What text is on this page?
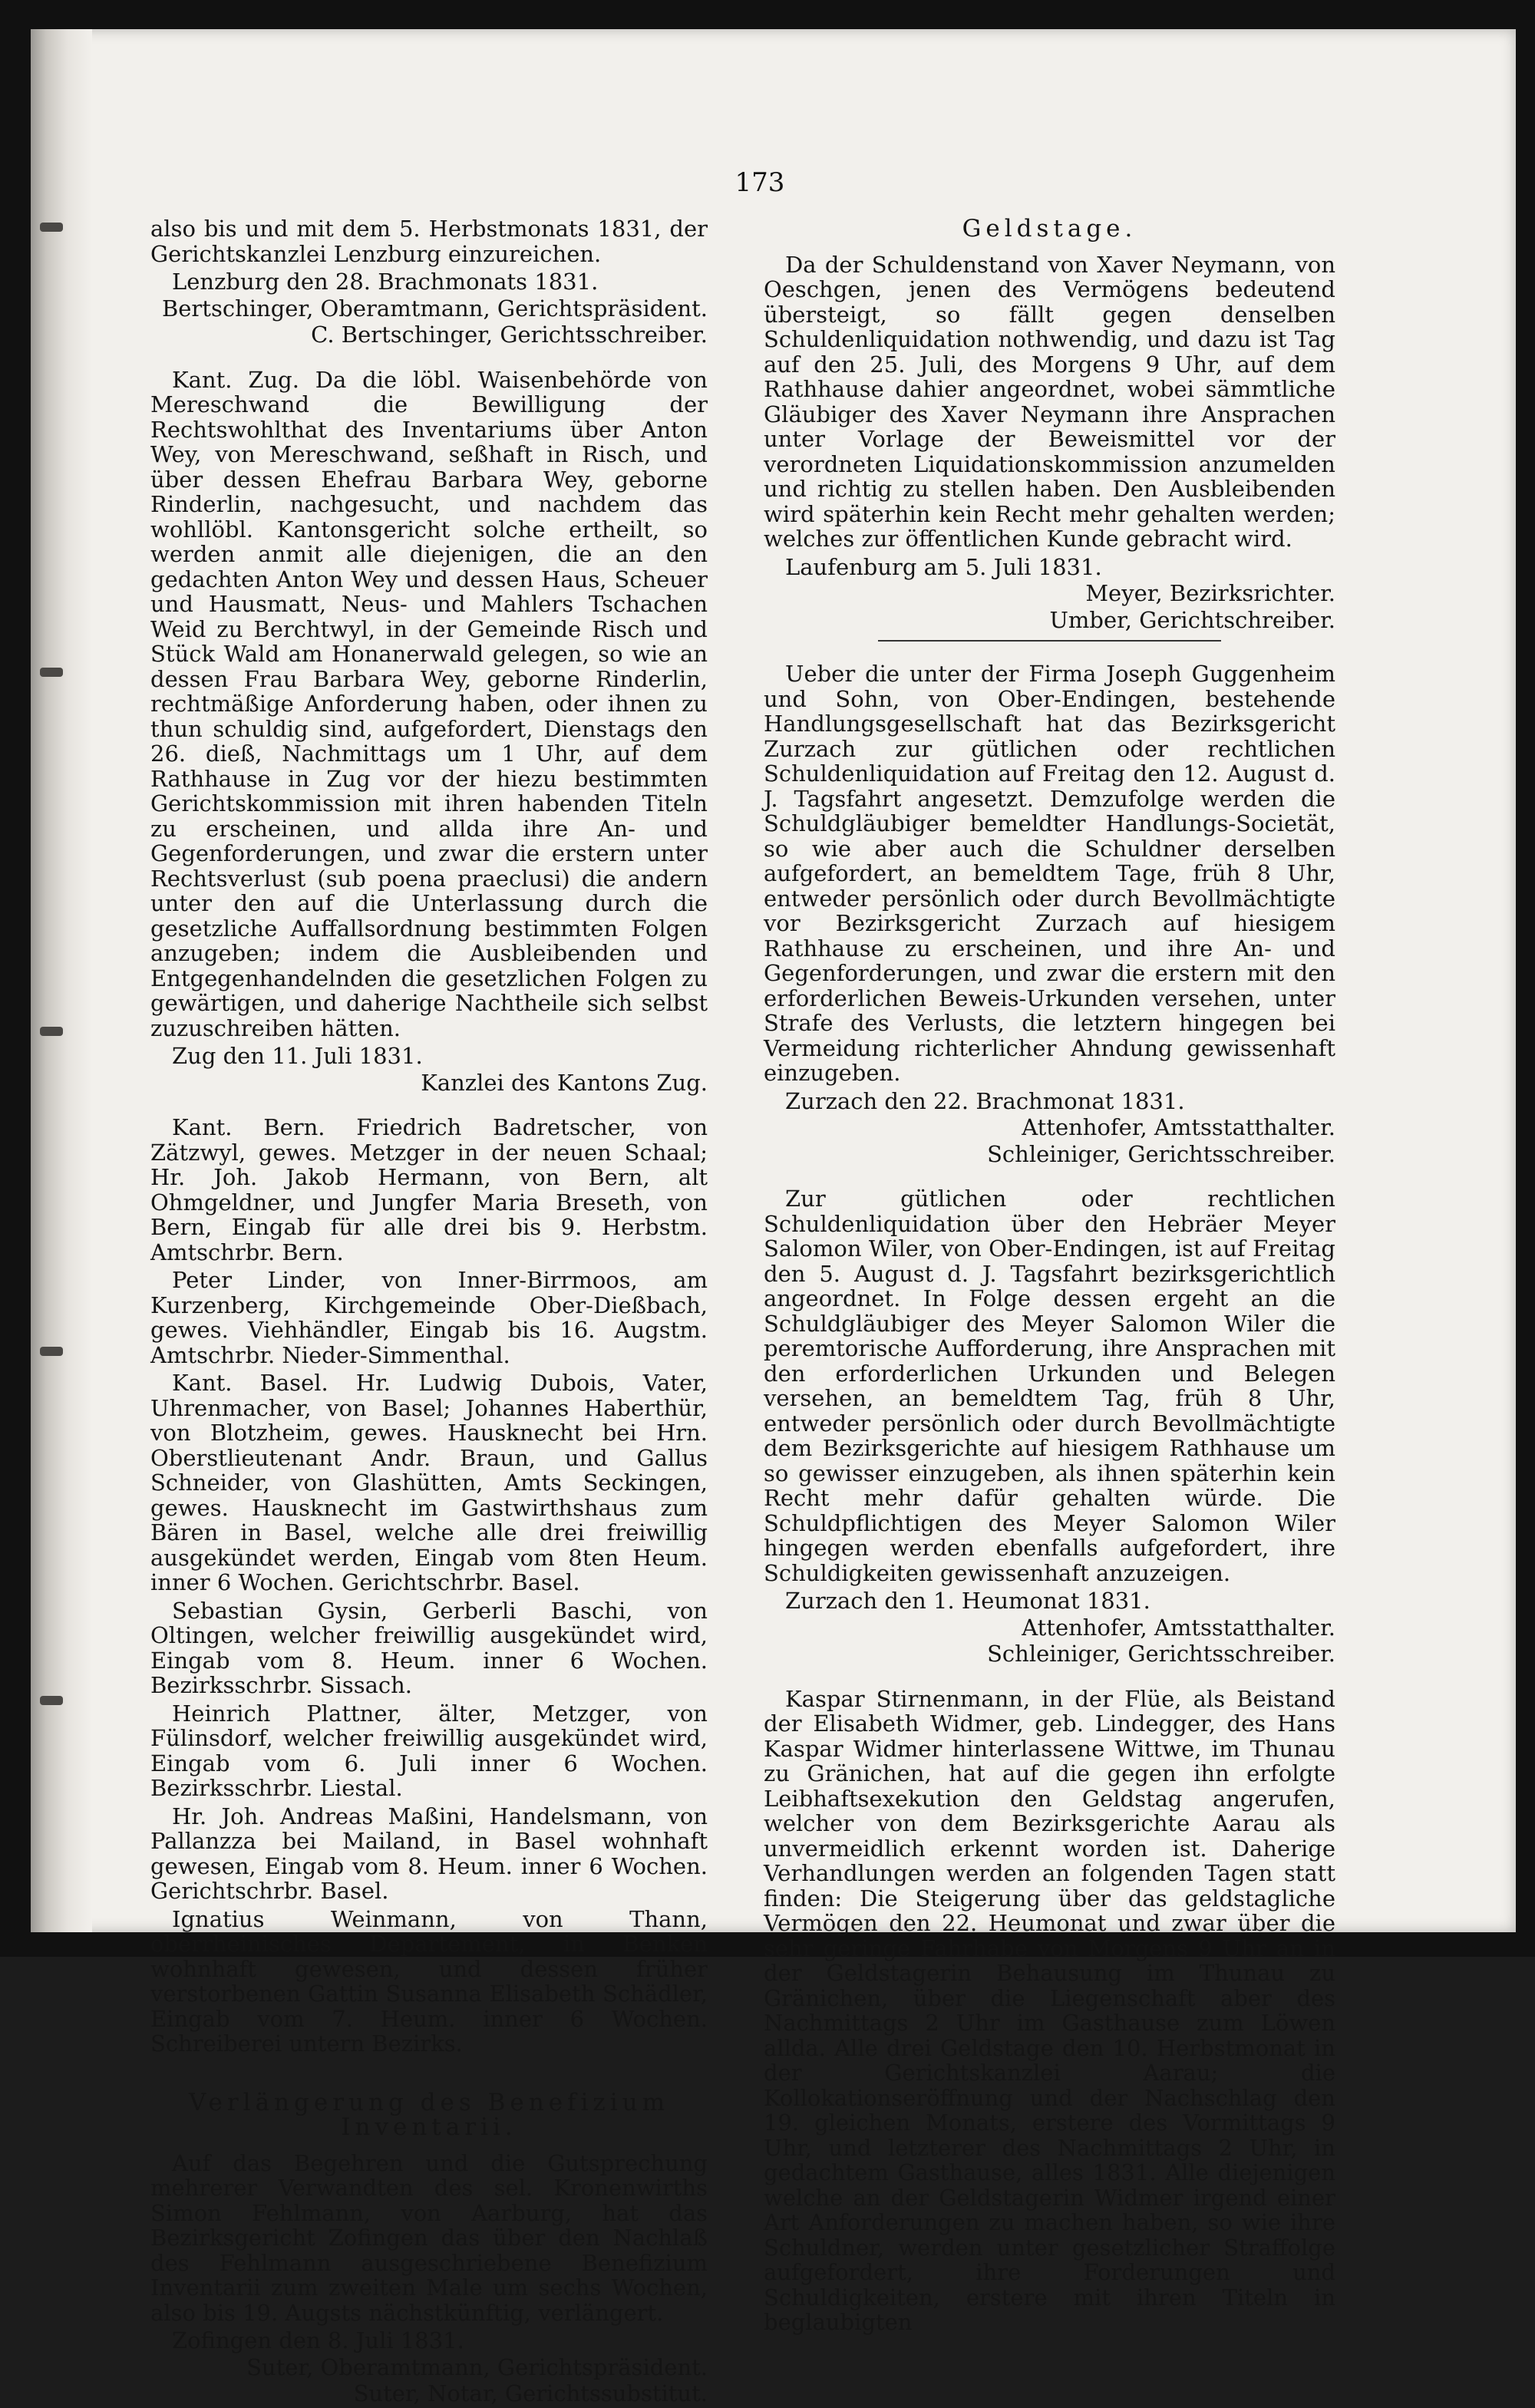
173

also bis und mit dem 5. Herbstmonats 1831, der Gerichtskanzlei Lenzburg einzureichen.

Lenzburg den 28. Brachmonats 1831.
Bertschinger, Oberamtmann, Gerichtspräsident.
C. Bertschinger, Gerichtsschreiber.

Kant. Zug. Da die löbl. Waisenbehörde von Mereschwand die Bewilligung der Rechtswohlthat des Inventariums über Anton Wey, von Mereschwand, seßhaft in Risch, und über dessen Ehefrau Barbara Wey, geborne Rinderlin, nachgesucht, und nachdem das wohllöbl. Kantonsgericht solche ertheilt, so werden anmit alle diejenigen, die an den gedachten Anton Wey und dessen Haus, Scheuer und Hausmatt, Neus- und Mahlers Tschachen Weid zu Berchtwyl, in der Gemeinde Risch und Stück Wald am Honanerwald gelegen, so wie an dessen Frau Barbara Wey, geborne Rinderlin, rechtmäßige Anforderung haben, oder ihnen zu thun schuldig sind, aufgefordert, Dienstags den 26. dieß, Nachmittags um 1 Uhr, auf dem Rathhause in Zug vor der hiezu bestimmten Gerichtskommission mit ihren habenden Titeln zu erscheinen, und allda ihre An- und Gegenforderungen, und zwar die erstern unter Rechtsverlust (sub poena praeclusi) die andern unter den auf die Unterlassung durch die gesetzliche Auffallsordnung bestimmten Folgen anzugeben; indem die Ausbleibenden und Entgegenhandelnden die gesetzlichen Folgen zu gewärtigen, und daherige Nachtheile sich selbst zuzuschreiben hätten.

Zug den 11. Juli 1831.
Kanzlei des Kantons Zug.

Kant. Bern. Friedrich Badretscher, von Zätzwyl, gewes. Metzger in der neuen Schaal; Hr. Joh. Jakob Hermann, von Bern, alt Ohmgeldner, und Jungfer Maria Breseth, von Bern, Eingab für alle drei bis 9. Herbstm. Amtschrbr. Bern.

Peter Linder, von Inner-Birrmoos, am Kurzenberg, Kirchgemeinde Ober-Dießbach, gewes. Viehhändler, Eingab bis 16. Augstm. Amtschrbr. Nieder-Simmenthal.

Kant. Basel. Hr. Ludwig Dubois, Vater, Uhrenmacher, von Basel; Johannes Haberthür, von Blotzheim, gewes. Hausknecht bei Hrn. Oberstlieutenant Andr. Braun, und Gallus Schneider, von Glashütten, Amts Seckingen, gewes. Hausknecht im Gastwirthshaus zum Bären in Basel, welche alle drei freiwillig ausgekündet werden, Eingab vom 8ten Heum. inner 6 Wochen. Gerichtschrbr. Basel.

Sebastian Gysin, Gerberli Baschi, von Oltingen, welcher freiwillig ausgekündet wird, Eingab vom 8. Heum. inner 6 Wochen. Bezirksschrbr. Sissach.

Heinrich Plattner, älter, Metzger, von Fülinsdorf, welcher freiwillig ausgekündet wird, Eingab vom 6. Juli inner 6 Wochen. Bezirksschrbr. Liestal.

Hr. Joh. Andreas Maßini, Handelsmann, von Pallanzza bei Mailand, in Basel wohnhaft gewesen, Eingab vom 8. Heum. inner 6 Wochen. Gerichtschrbr. Basel.

Ignatius Weinmann, von Thann, oberrheinisches Departement, in Benken wohnhaft gewesen, und dessen früher verstorbenen Gattin Susanna Elisabeth Schädler, Eingab vom 7. Heum. inner 6 Wochen. Schreiberei untern Bezirks.

Verlängerung des Benefizium Inventarii.

Auf das Begehren und die Gutsprechung mehrerer Verwandten des sel. Kronenwirths Simon Fehlmann, von Aarburg, hat das Bezirksgericht Zofingen das über den Nachlaß des Fehlmann ausgeschriebene Benefizium Inventarii zum zweiten Male um sechs Wochen, also bis 19. Augsts nächstkünftig, verlängert.

Zofingen den 8. Juli 1831.
Suter, Oberamtmann, Gerichtspräsident.
Suter, Notar, Gerichtssubstitut.
Geldstage.

Da der Schuldenstand von Xaver Neymann, von Oeschgen, jenen des Vermögens bedeutend übersteigt, so fällt gegen denselben Schuldenliquidation nothwendig, und dazu ist Tag auf den 25. Juli, des Morgens 9 Uhr, auf dem Rathhause dahier angeordnet, wobei sämmtliche Gläubiger des Xaver Neymann ihre Ansprachen unter Vorlage der Beweismittel vor der verordneten Liquidationskommission anzumelden und richtig zu stellen haben. Den Ausbleibenden wird späterhin kein Recht mehr gehalten werden; welches zur öffentlichen Kunde gebracht wird.

Laufenburg am 5. Juli 1831.
Meyer, Bezirksrichter.
Umber, Gerichtschreiber.

Ueber die unter der Firma Joseph Guggenheim und Sohn, von Ober-Endingen, bestehende Handlungsgesellschaft hat das Bezirksgericht Zurzach zur gütlichen oder rechtlichen Schuldenliquidation auf Freitag den 12. August d. J. Tagsfahrt angesetzt. Demzufolge werden die Schuldgläubiger bemeldter Handlungs-Societät, so wie aber auch die Schuldner derselben aufgefordert, an bemeldtem Tage, früh 8 Uhr, entweder persönlich oder durch Bevollmächtigte vor Bezirksgericht Zurzach auf hiesigem Rathhause zu erscheinen, und ihre An- und Gegenforderungen, und zwar die erstern mit den erforderlichen Beweis-Urkunden versehen, unter Strafe des Verlusts, die letztern hingegen bei Vermeidung richterlicher Ahndung gewissenhaft einzugeben.

Zurzach den 22. Brachmonat 1831.
Attenhofer, Amtsstatthalter.
Schleiniger, Gerichtsschreiber.

Zur gütlichen oder rechtlichen Schuldenliquidation über den Hebräer Meyer Salomon Wiler, von Ober-Endingen, ist auf Freitag den 5. August d. J. Tagsfahrt bezirksgerichtlich angeordnet. In Folge dessen ergeht an die Schuldgläubiger des Meyer Salomon Wiler die peremtorische Aufforderung, ihre Ansprachen mit den erforderlichen Urkunden und Belegen versehen, an bemeldtem Tag, früh 8 Uhr, entweder persönlich oder durch Bevollmächtigte dem Bezirksgerichte auf hiesigem Rathhause um so gewisser einzugeben, als ihnen späterhin kein Recht mehr dafür gehalten würde. Die Schuldpflichtigen des Meyer Salomon Wiler hingegen werden ebenfalls aufgefordert, ihre Schuldigkeiten gewissenhaft anzuzeigen.

Zurzach den 1. Heumonat 1831.
Attenhofer, Amtsstatthalter.
Schleiniger, Gerichtsschreiber.

Kaspar Stirnenmann, in der Flüe, als Beistand der Elisabeth Widmer, geb. Lindegger, des Hans Kaspar Widmer hinterlassene Wittwe, im Thunau zu Gränichen, hat auf die gegen ihn erfolgte Leibhaftsexekution den Geldstag angerufen, welcher von dem Bezirksgerichte Aarau als unvermeidlich erkennt worden ist. Daherige Verhandlungen werden an folgenden Tagen statt finden: Die Steigerung über das geldstagliche Vermögen den 22. Heumonat und zwar über die sehr geringe Fahrhabe von Morgens 9 Uhr an in der Geldstagerin Behausung im Thunau zu Gränichen, über die Liegenschaft aber des Nachmittags 2 Uhr im Gasthause zum Löwen allda. Alle drei Geldstage den 10. Herbstmonat in der Gerichtskanzlei Aarau; die Kollokationseröffnung und der Nachschlag den 19. gleichen Monats, erstere des Vormittags 9 Uhr, und letzterer des Nachmittags 2 Uhr, in gedachtem Gasthause, alles 1831. Alle diejenigen welche an der Geldstagerin Widmer irgend einer Art Anforderungen zu machen haben, so wie ihre Schuldner, werden unter gesetzlicher Straffolge aufgefordert, ihre Forderungen und Schuldigkeiten, erstere mit ihren Titeln in beglaubigten
